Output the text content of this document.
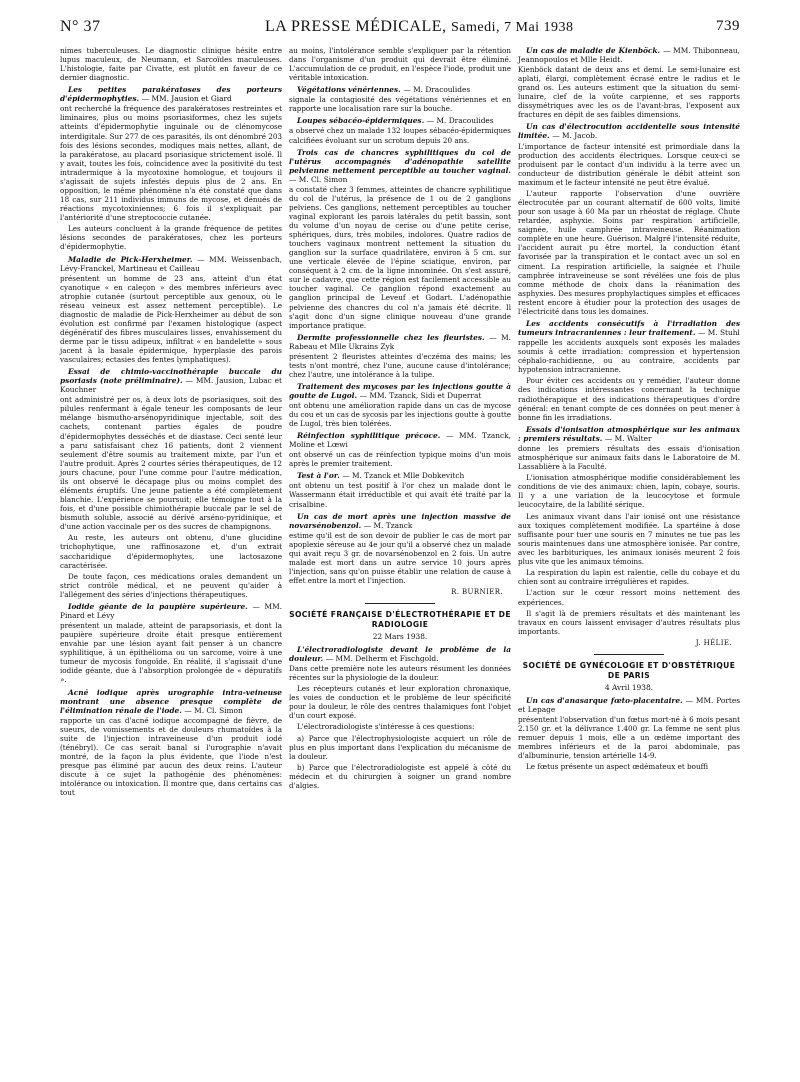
N° 37	LA PRESSE MÉDICALE, Samedi, 7 Mai 1938	739

nimes tuberculeuses. Le diagnostic clinique hésite entre lupus maculeux, de Neumann, et Sarcoïdes maculeuses. L'histologie, faite par Civatte, est plutôt en faveur de ce dernier diagnostic.

Les petites parakératoses des porteurs d'épidermophyties. — MM. Jausion et Giard

ont recherché la fréquence des parakératoses restreintes et liminaires, plus ou moins psoriasiformes, chez les sujets atteints d'épidermophytie inguinale ou de clénomycose interdigitale. Sur 277 de ces parasités, ils ont dénombré 203 fois des lésions secondes, modiques mais nettes, allant, de la parakératose, au placard psoriasique strictement isolé. Il y avait, toutes les fois, coïncidence avec la positivité du test intradermique à la mycotoxine homologue, et toujours il s'agissait de sujets infestés depuis plus de 2 ans. En opposition, le même phénomène n'a été constaté que dans 18 cas, sur 211 individus immuns de mycose, et dénués de réactions mycotoxiniennes; 6 fois il s'expliquait par l'antériorité d'une streptococcie cutanée.

Les auteurs concluent à la grande fréquence de petites lésions secondes de parakératoses, chez les porteurs d'épidermophytie.

Maladie de Pick-Herxheimer. — MM. Weissenbach, Lévy-Franckel, Martineau et Cailleau

présentent un homme de 23 ans, atteint d'un état cyanotique « en caleçon » des membres inférieurs avec atrophie cutanée (surtout perceptible aux genoux, où le réseau veineux est assez nettement perceptible). Le diagnostic de maladie de Pick-Herxheimer au début de son évolution est confirmé par l'examen histologique (aspect dégénératif des fibres musculaires lisses, envahissement du derme par le tissu adipeux, infiltrat « en bandelette » sous jacent à la basale épidermique, hyperplasie des parois vasculaires; ectasies des fentes lymphatiques).

Essai de chimio-vaccinothérapie buccale du psoriasis (note préliminaire). — MM. Jausion, Lubac et Kouchner

ont administré per os, à deux lots de psoriasiques, soit des pilules renfermant à égale teneur les composants de leur mélange bismutho-arsénopyridinique injectable, soit des cachets, contenant parties égales de poudre d'épidermophytes desséchés et de diastase. Ceci senté leur a paru satisfaisant chez 16 patients, dont 2 viennent seulement d'être soumis au traitement mixte, par l'un et l'autre produit. Après 2 courtes séries thérapeutiques, de 12 jours chacune, pour l'une comme pour l'autre médication, ils ont observé le décapage plus ou moins complet des éléments éruptifs. Une jeune patiente a été complètement blanchie. L'expérience se poursuit; elle témoigne tout à la fois, et d'une possible chimiothérapie buccale par le sel de bismuth soluble, associé au dérivé arséno-pyridinique, et d'une action vaccinale per os des sucres de champignons.

Au reste, les auteurs ont obtenu, d'une glucidine trichophytique, une raffinosazone et, d'un extrait saccharidique d'épidermophytes, une lactosazone caractérisée.

De toute façon, ces médications orales demandent un strict contrôle médical, et ne peuvent qu'aider à l'allégement des séries d'injections thérapeutiques.

Iodide géante de la paupière supérieure. — MM. Pinard et Lévy

présentent un malade, atteint de parapsoriasis, et dont la paupière supérieure droite était presque entièrement envahie par une lésion ayant fait penser à un chancre syphilitique, à un épithélioma ou un sarcome, voire à une tumeur de mycosis fongoïde. En réalité, il s'agissait d'une iodide géante, due à l'absorption prolongée de « dépuratifs ».

Acné iodique après urographie intra-veineuse montrant une absence presque complète de l'élimination rénale de l'iode. — M. Cl. Simon

rapporte un cas d'acné iodique accompagné de fièvre, de sueurs, de vomissements et de douleurs rhumatoïdes à la suite de l'injection intraveineuse d'un produit iodé (ténébryl). Ce cas serait banal si l'urographie n'avait montré, de la façon la plus évidente, que l'iode n'est presque pas éliminé par aucun des deux reins. L'auteur discute à ce sujet la pathogénie des phénomènes: intolérance ou intoxication. Il montre que, dans certains cas tout

au moins, l'intolérance semble s'expliquer par la rétention dans l'organisme d'un produit qui devrait être éliminé. L'accumulation de ce produit, en l'espèce l'iode, produit une véritable intoxication.

Végétations vénériennes. — M. Dracoulides

signale la contagiosité des végétations vénériennes et en rapporte une localisation rare sur la bouche.

Loupes sébacéo-épidermiques. — M. Dracoulides

a observé chez un malade 132 loupes sébacéo-épidermiques calcifiées évoluant sur un scrotum depuis 20 ans.

Trois cas de chancres syphilitiques du col de l'utérus accompagnés d'adénopathie satellite pelvienne nettement perceptible au toucher vaginal. — M. Cl. Simon

a constaté chez 3 femmes, atteintes de chancre syphilitique du col de l'utérus, la présence de 1 ou de 2 ganglions pelviens. Ces ganglions, nettement perceptibles au toucher vaginal explorant les parois latérales du petit bassin, sont du volume d'un noyau de cerise ou d'une petite cerise, sphériques, durs, très mobiles, indolores. Quatre radios de touchers vaginaux montrent nettement la situation du ganglion sur la surface quadrilatère, environ à 5 cm. sur une verticale élevée de l'épine sciatique, environ, par conséquent à 2 cm. de la ligne innominée. On s'est assuré, sur le cadavre, que cette région est facilement accessible au toucher vaginal. Ce ganglion répond exactement au ganglion principal de Leveuf et Godart. L'adénopathie pelvienne des chancres du col n'a jamais été décrite. Il s'agit donc d'un signe clinique nouveau d'une grande importance pratique.

Dermite professionnelle chez les fleuristes. — M. Rabeau et Mlle Ukrains Zyk

présentent 2 fleuristes atteintes d'eczéma des mains; les tests n'ont montré, chez l'une, aucune cause d'intolérance; chez l'autre, une intolérance à la tulipe.

Traitement des mycoses par les injections goutte à goutte de Lugol. — MM. Tzanck, Sidi et Duperrat

ont obtenu une amélioration rapide dans un cas de mycose du cou et un cas de sycosis par les injections goutte à goutte de Lugol, très bien tolérées.

Réinfection syphilitique précoce. — MM. Tzanck, Moline et Lœwi

ont observé un cas de réinfection typique moins d'un mois après le premier traitement.

Test à l'or. — M. Tzanck et Mlle Dobkevitch

ont obtenu un test positif à l'or chez un malade dont le Wassermann était irréductible et qui avait été traité par la crisalbine.

Un cas de mort après une injection massive de novarsénobenzol. — M. Tzanck

estime qu'il est de son devoir de publier le cas de mort par apoplexie séreuse au 4e jour qu'il a observé chez un malade qui avait reçu 3 gr. de novarsénobenzol en 2 fois. Un autre malade est mort dans un autre service 10 jours après l'injection, sans qu'on puisse établir une relation de cause à effet entre la mort et l'injection.

R. BURNIER.
SOCIÉTÉ FRANÇAISE D'ÉLECTROTHÉRAPIE ET DE RADIOLOGIE
22 Mars 1938.
L'électroradiologiste devant le problème de la douleur. — MM. Delherm et Fischgold.

Dans cette première note les auteurs résument les données récentes sur la physiologie de la douleur.

Les récepteurs cutanés et leur exploration chronaxique, les voies de conduction et le problème de leur spécificité pour la douleur, le rôle des centres thalamiques font l'objet d'un court exposé.

L'électroradiologiste s'intéresse à ces questions:

a) Parce que l'électrophysiologiste acquiert un rôle de plus en plus important dans l'explication du mécanisme de la douleur.

b) Parce que l'électroradiologiste est appelé à côté du médecin et du chirurgien à soigner un grand nombre d'algies.

Un cas de maladie de Kienböck. — MM. Thibonneau, Jeannopoulos et Mlle Heidt.

Kienböck datant de deux ans et demi. Le semi-lunaire est aplati, élargi, complètement écrasé entre le radius et le grand os. Les auteurs estiment que la situation du semi-lunaire, clef de la voûte carpienne, et ses rapports dissymétriques avec les os de l'avant-bras, l'exposent aux fractures en dépit de ses faibles dimensions.

Un cas d'électrocution accidentelle sous intensité limitée. — M. Jacob.

L'importance de facteur intensité est primordiale dans la production des accidents électriques. Lorsque ceux-ci se produisent par le contact d'un individu à la terre avec un conducteur de distribution générale le débit atteint son maximum et le facteur intensité ne peut être évalué.

L'auteur rapporte l'observation d'une ouvrière électrocutée par un courant alternatif de 600 volts, limité pour son usage à 60 Ma par un rhéostat de réglage. Chute retardée, asphyxie. Soins par respiration artificielle, saignée, huile camphrée intraveineuse. Réanimation complète en une heure. Guérison. Malgré l'intensité réduite, l'accident aurait pu être mortel, la conduction étant favorisée par la transpiration et le contact avec un sol en ciment. La respiration artificielle, la saignée et l'huile camphrée intraveineuse se sont révélées une fois de plus comme méthode de choix dans la réanimation des asphyxies. Des mesures prophylactiques simples et efficaces restent encore à étudier pour la protection des usages de l'électricité dans tous les domaines.

Les accidents consécutifs à l'irradiation des tumeurs intracraniennes : leur traitement. — M. Stuhl

rappelle les accidents auxquels sont exposés les malades soumis à cette irradiation: compression et hypertension céphalo-rachidienne, ou au contraire, accidents par hypotension intracranienne.

Pour éviter ces accidents ou y remédier, l'auteur donne des indications intéressantes concernant la technique radiothérapique et des indications thérapeutiques d'ordre général: en tenant compte de ces données on peut mener à bonne fin les irradiations.

Essais d'ionisation atmosphérique sur les animaux : premiers résultats. — M. Walter

donne les premiers résultats des essais d'ionisation atmosphérique sur animaux faits dans le Laboratoire de M. Lassablière à la Faculté.

L'ionisation atmosphérique modifie considérablement les conditions de vie des animaux: chien, lapin, cobaye, souris. Il y a une variation de la leucocytose et formule leucocytaire, de la labilité sérique.

Les animaux vivant dans l'air ionisé ont une résistance aux toxiques complètement modifiée. La spartéine à dose suffisante pour tuer une souris en 7 minutes ne tue pas les souris maintenues dans une atmosphère ionisée. Par contre, avec les barbituriques, les animaux ionisés meurent 2 fois plus vite que les animaux témoins.

La respiration du lapin est ralentie, celle du cobaye et du chien sont au contraire irrégulières et rapides.

L'action sur le cœur ressort moins nettement des expériences.

Il s'agit là de premiers résultats et dès maintenant les travaux en cours laissent envisager d'autres résultats plus importants.

J. HÉLIE.
SOCIÉTÉ DE GYNÉCOLOGIE ET D'OBSTÉTRIQUE DE PARIS
4 Avril 1938.
Un cas d'anasarque fœto-placentaire. — MM. Portes et Lepage

présentent l'observation d'un fœtus mort-né à 6 mois pesant 2.150 gr. et la délivrance 1.400 gr. La femme ne sent plus remuer depuis 1 mois, elle a un œdème important des membres inférieurs et de la paroi abdominale, pas d'albuminurie, tension artérielle 14-9.

Le fœtus présente un aspect œdémateux et bouffi
